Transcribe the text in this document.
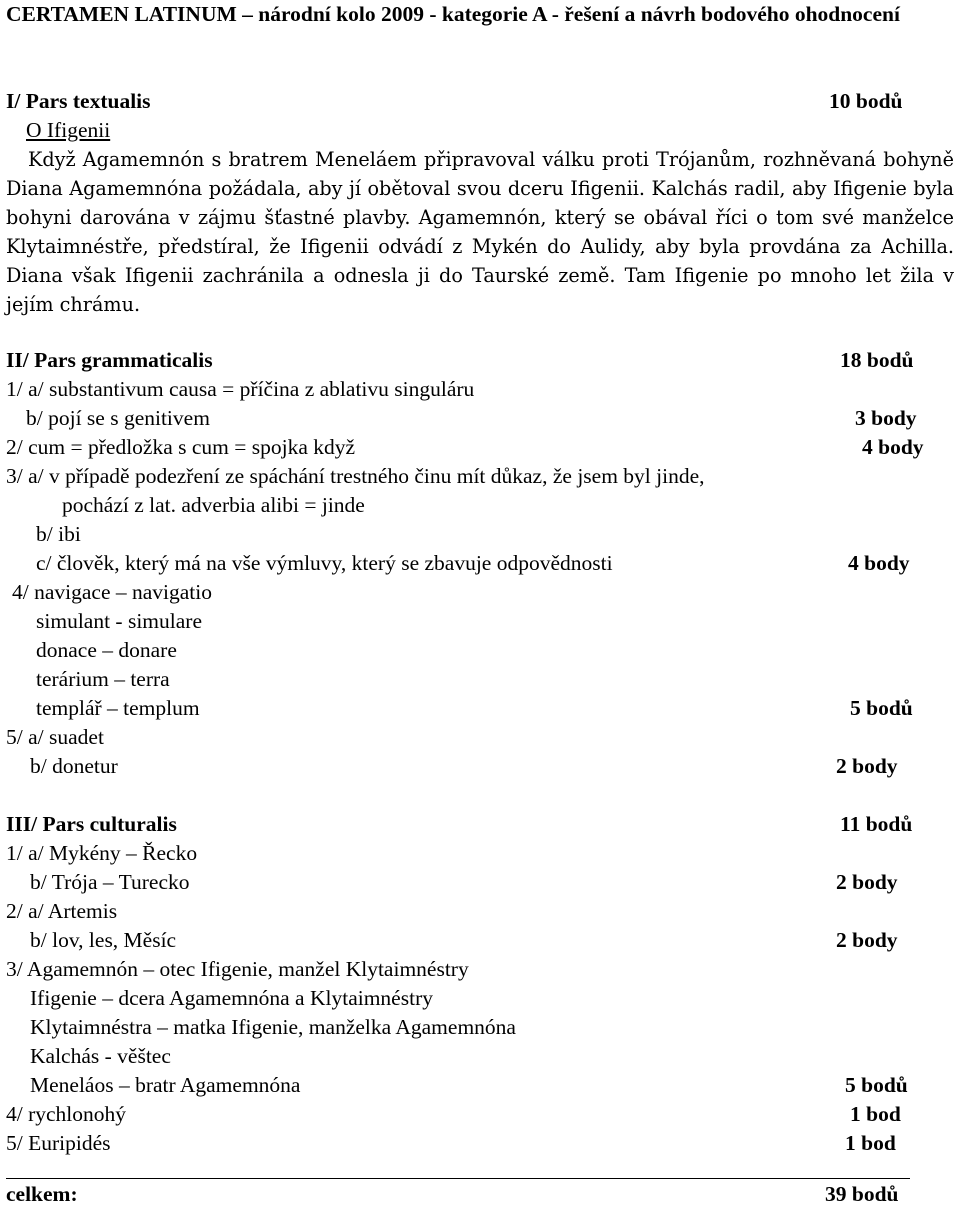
CERTAMEN LATINUM – národní kolo 2009 - kategorie A - řešení a návrh bodového ohodnocení
I/ Pars textualis	10 bodů
O Ifigenii
Když Agamemnón s bratrem Meneláem připravoval válku proti Trójanům, rozhněvaná bohyně Diana Agamemnóna požádala, aby jí obětoval svou dceru Ifigenii. Kalchás radil, aby Ifigenie byla bohyni darována v zájmu šťastné plavby. Agamemnón, který se obával říci o tom své manželce Klytaimnéstře, předstíral, že Ifigenii odvádí z Mykén do Aulidy, aby byla provdána za Achilla. Diana však Ifigenii zachránila a odnesla ji do Taurské země. Tam Ifigenie po mnoho let žila v jejím chrámu.
II/ Pars grammaticalis	18 bodů
1/ a/ substantivum causa = příčina z ablativu singuláru
b/ pojí se s genitivem	3 body
2/ cum = předložka s cum = spojka když	4 body
3/ a/ v případě podezření ze spáchání trestného činu mít důkaz, že jsem byl jinde,
pochází z lat. adverbia alibi = jinde
b/ ibi
c/ člověk, který má na vše výmluvy, který se zbavuje odpovědnosti	4 body
4/ navigace – navigatio
simulant - simulare
donace – donare
terárium – terra
templář – templum	5 bodů
5/ a/ suadet
b/ donetur	2 body
III/ Pars culturalis	11 bodů
1/ a/ Mykény – Řecko
b/ Trója – Turecko	2 body
2/ a/ Artemis
b/ lov, les, Měsíc	2 body
3/ Agamemnón – otec Ifigenie, manžel Klytaimnéstry
Ifigenie – dcera Agamemnóna a Klytaimnéstry
Klytaimnéstra – matka Ifigenie, manželka Agamemnóna
Kalchás - věštec
Meneláos – bratr Agamemnóna	5 bodů
4/ rychlonohý	1 bod
5/ Euripidés	1 bod
celkem:	39 bodů
